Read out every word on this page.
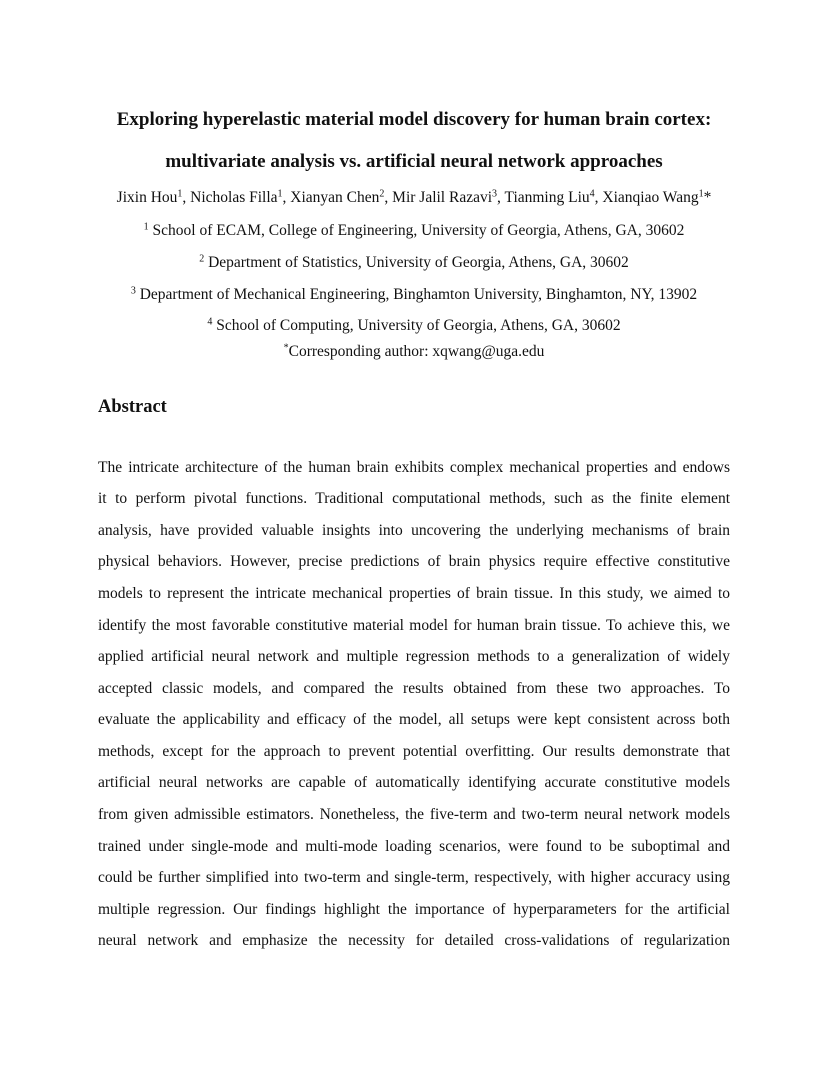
Exploring hyperelastic material model discovery for human brain cortex:
multivariate analysis vs. artificial neural network approaches
Jixin Hou$^1$, Nicholas Filla$^1$, Xianyan Chen$^2$, Mir Jalil Razavi$^3$, Tianming Liu$^4$, Xianqiao Wang$^1$*
$^1$ School of ECAM, College of Engineering, University of Georgia, Athens, GA, 30602
$^2$ Department of Statistics, University of Georgia, Athens, GA, 30602
$^3$ Department of Mechanical Engineering, Binghamton University, Binghamton, NY, 13902
$^4$ School of Computing, University of Georgia, Athens, GA, 30602
*Corresponding author: xqwang@uga.edu
Abstract
The intricate architecture of the human brain exhibits complex mechanical properties and endows
it to perform pivotal functions. Traditional computational methods, such as the finite element
analysis, have provided valuable insights into uncovering the underlying mechanisms of brain
physical behaviors. However, precise predictions of brain physics require effective constitutive
models to represent the intricate mechanical properties of brain tissue. In this study, we aimed to
identify the most favorable constitutive material model for human brain tissue. To achieve this, we
applied artificial neural network and multiple regression methods to a generalization of widely
accepted classic models, and compared the results obtained from these two approaches. To
evaluate the applicability and efficacy of the model, all setups were kept consistent across both
methods, except for the approach to prevent potential overfitting. Our results demonstrate that
artificial neural networks are capable of automatically identifying accurate constitutive models
from given admissible estimators. Nonetheless, the five-term and two-term neural network models
trained under single-mode and multi-mode loading scenarios, were found to be suboptimal and
could be further simplified into two-term and single-term, respectively, with higher accuracy using
multiple regression. Our findings highlight the importance of hyperparameters for the artificial
neural network and emphasize the necessity for detailed cross-validations of regularization
